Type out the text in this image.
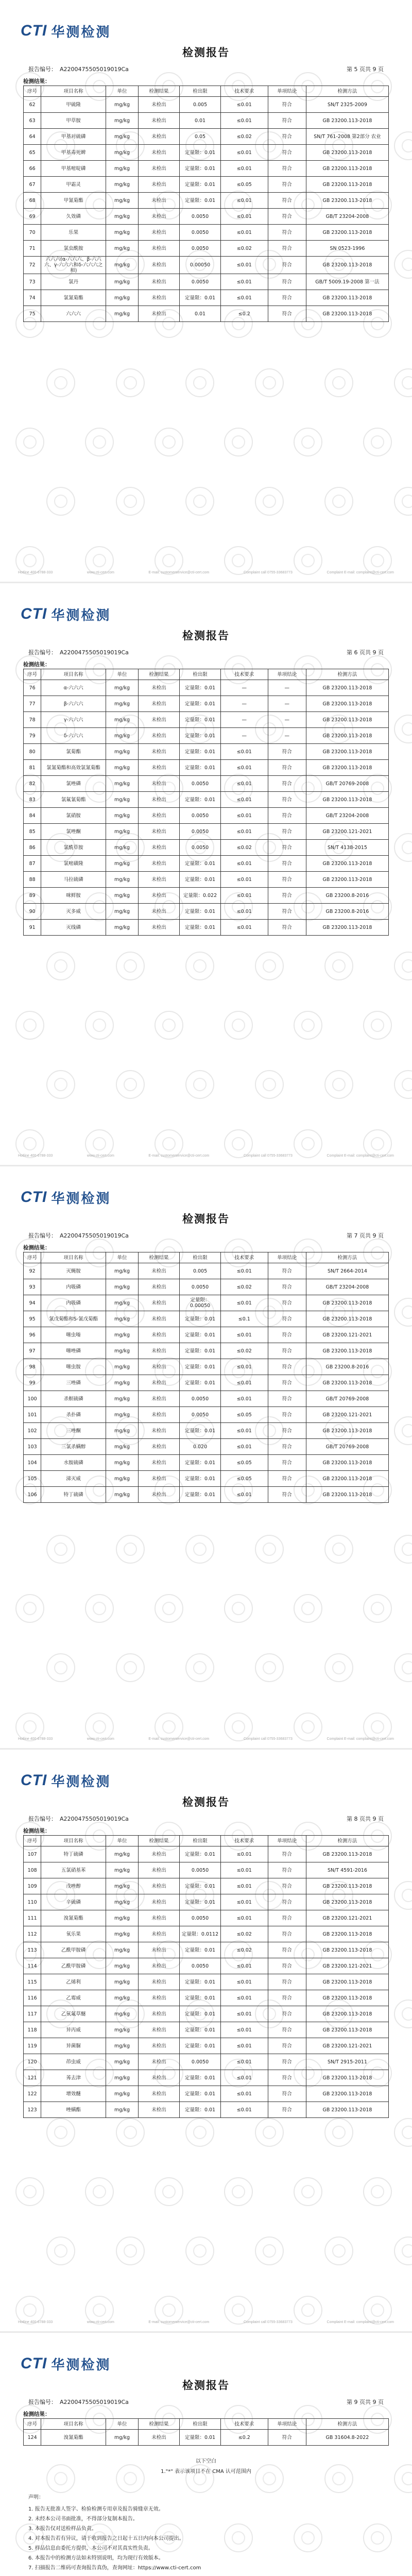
CTI 华测检测
检测报告
报告编号： A2200475505019019Ca	第 5 页共 9 页
检测结果：
序号	项目名称	单位	检测结果	检出限	技术要求	单项结论	检测方法
62	甲硫隆	mg/kg	未检出	0.005	≤0.01	符合	SN/T 2325-2009
63	甲草胺	mg/kg	未检出	0.01	≤0.01	符合	GB 23200.113-2018
64	甲基对硫磷	mg/kg	未检出	0.05	≤0.02	符合	SN/T 761-2008 第2部分 农业
65	甲基毒死蜱	mg/kg	未检出	定量限：0.01	≤0.01	符合	GB 23200.113-2018
66	甲基嘧啶磷	mg/kg	未检出	定量限：0.01	≤0.01	符合	GB 23200.113-2018
67	甲霜灵	mg/kg	未检出	定量限：0.01	≤0.05	符合	GB 23200.113-2018
68	甲氰菊酯	mg/kg	未检出	定量限：0.01	≤0.01	符合	GB 23200.113-2018
69	久效磷	mg/kg	未检出	0.0050	≤0.01	符合	GB/T 23204-2008
70	乐果	mg/kg	未检出	0.0050	≤0.01	符合	GB 23200.113-2018
71	氯虫酰胺	mg/kg	未检出	0.0050	≤0.02	符合	SN 0523-1996
72	六六六(α-六六六、β-六六六、γ-六六六和δ-六六六之和)	mg/kg	未检出	0.00050	≤0.01	符合	GB 23200.113-2018
73	氯丹	mg/kg	未检出	0.0050	≤0.01	符合	GB/T 5009.19-2008 第一法
74	氯氰菊酯	mg/kg	未检出	定量限：0.01	≤0.01	符合	GB 23200.113-2018
75	六六六	mg/kg	未检出	0.01	≤0.2	符合	GB 23200.113-2018
Hotline 400-6788-333	www.cti-cert.com	E-mail: customerservice@cti-cert.com	Complaint call 0755-33683773	Complaint E-mail: complaint@cti-cert.com
CTI 华测检测
检测报告
报告编号： A2200475505019019Ca	第 6 页共 9 页
检测结果：
序号	项目名称	单位	检测结果	检出限	技术要求	单项结论	检测方法
76	α-六六六	mg/kg	未检出	定量限：0.01	—	—	GB 23200.113-2018
77	β-六六六	mg/kg	未检出	定量限：0.01	—	—	GB 23200.113-2018
78	γ-六六六	mg/kg	未检出	定量限：0.01	—	—	GB 23200.113-2018
79	δ-六六六	mg/kg	未检出	定量限：0.01	—	—	GB 23200.113-2018
80	氯菊酯	mg/kg	未检出	定量限：0.01	≤0.01	符合	GB 23200.113-2018
81	氯氰菊酯和高效氯氰菊酯	mg/kg	未检出	定量限：0.01	≤0.01	符合	GB 23200.113-2018
82	氯唑磷	mg/kg	未检出	0.0050	≤0.01	符合	GB/T 20769-2008
83	氯氟氰菊酯	mg/kg	未检出	定量限：0.01	≤0.01	符合	GB 23200.113-2018
84	氯硝胺	mg/kg	未检出	0.0050	≤0.01	符合	GB/T 23204-2008
85	氯唑酮	mg/kg	未检出	0.0050	≤0.01	符合	GB 23200.121-2021
86	氯酰草胺	mg/kg	未检出	0.0050	≤0.02	符合	SN/T 4138-2015
87	氯嘧磺隆	mg/kg	未检出	定量限：0.01	≤0.01	符合	GB 23200.113-2018
88	马拉硫磷	mg/kg	未检出	定量限：0.01	≤0.01	符合	GB 23200.113-2018
89	咪鲜胺	mg/kg	未检出	定量限：0.022	≤0.01	符合	GB 23200.8-2016
90	灭多威	mg/kg	未检出	定量限：0.01	≤0.01	符合	GB 23200.8-2016
91	灭线磷	mg/kg	未检出	定量限：0.01	≤0.01	符合	GB 23200.113-2018
Hotline 400-6788-333	www.cti-cert.com	E-mail: customerservice@cti-cert.com	Complaint call 0755-33683773	Complaint E-mail: complaint@cti-cert.com
CTI 华测检测
检测报告
报告编号： A2200475505019019Ca	第 7 页共 9 页
检测结果：
序号	项目名称	单位	检测结果	检出限	技术要求	单项结论	检测方法
92	灭蝇胺	mg/kg	未检出	0.005	≤0.01	符合	SN/T 2664-2014
93	内吸磷	mg/kg	未检出	0.0050	≤0.02	符合	GB/T 23204-2008
94	内吸磷	mg/kg	未检出	定量限：0.00050	≤0.01	符合	GB 23200.113-2018
95	氰戊菊酯和S-氰戊菊酯	mg/kg	未检出	定量限：0.01	≤0.1	符合	GB 23200.113-2018
96	噻虫嗪	mg/kg	未检出	定量限：0.01	≤0.01	符合	GB 23200.121-2021
97	噻唑磷	mg/kg	未检出	定量限：0.01	≤0.02	符合	GB 23200.113-2018
98	噻虫胺	mg/kg	未检出	定量限：0.01	≤0.01	符合	GB 23200.8-2016
99	三唑磷	mg/kg	未检出	定量限：0.01	≤0.01	符合	GB 23200.113-2018
100	杀螟硫磷	mg/kg	未检出	0.0050	≤0.01	符合	GB/T 20769-2008
101	杀扑磷	mg/kg	未检出	0.0050	≤0.05	符合	GB 23200.121-2021
102	三唑酮	mg/kg	未检出	定量限：0.01	≤0.01	符合	GB 23200.113-2018
103	三氯杀螨醇	mg/kg	未检出	0.020	≤0.01	符合	GB/T 20769-2008
104	水胺硫磷	mg/kg	未检出	定量限：0.01	≤0.05	符合	GB 23200.113-2018
105	涕灭威	mg/kg	未检出	定量限：0.01	≤0.05	符合	GB 23200.113-2018
106	特丁硫磷	mg/kg	未检出	定量限：0.01	≤0.01	符合	GB 23200.113-2018
Hotline 400-6788-333	www.cti-cert.com	E-mail: customerservice@cti-cert.com	Complaint call 0755-33683773	Complaint E-mail: complaint@cti-cert.com
CTI 华测检测
检测报告
报告编号： A2200475505019019Ca	第 8 页共 9 页
检测结果：
序号	项目名称	单位	检测结果	检出限	技术要求	单项结论	检测方法
107	特丁硫磷	mg/kg	未检出	定量限：0.01	≤0.01	符合	GB 23200.113-2018
108	五氯硝基苯	mg/kg	未检出	0.0050	≤0.01	符合	SN/T 4591-2016
109	戊唑醇	mg/kg	未检出	定量限：0.01	≤0.01	符合	GB 23200.113-2018
110	辛硫磷	mg/kg	未检出	定量限：0.01	≤0.01	符合	GB 23200.113-2018
111	溴氰菊酯	mg/kg	未检出	0.0050	≤0.01	符合	GB 23200.121-2021
112	氧乐果	mg/kg	未检出	定量限：0.0112	≤0.02	符合	GB 23200.113-2018
113	乙酰甲胺磷	mg/kg	未检出	定量限：0.01	≤0.02	符合	GB 23200.113-2018
114	乙酰甲胺磷	mg/kg	未检出	0.0050	≤0.01	符合	GB 23200.121-2021
115	乙烯利	mg/kg	未检出	定量限：0.01	≤0.01	符合	GB 23200.113-2018
116	乙霉威	mg/kg	未检出	定量限：0.01	≤0.01	符合	GB 23200.113-2018
117	乙氧氟草醚	mg/kg	未检出	定量限：0.01	≤0.01	符合	GB 23200.113-2018
118	异丙威	mg/kg	未检出	定量限：0.01	≤0.01	符合	GB 23200.113-2018
119	异菌脲	mg/kg	未检出	定量限：0.01	≤0.01	符合	GB 23200.121-2021
120	茚虫威	mg/kg	未检出	0.0050	≤0.01	符合	SN/T 2915-2011
121	莠去津	mg/kg	未检出	定量限：0.01	≤0.01	符合	GB 23200.113-2018
122	增效醚	mg/kg	未检出	定量限：0.01	≤0.01	符合	GB 23200.113-2018
123	唑螨酯	mg/kg	未检出	定量限：0.01	≤0.01	符合	GB 23200.113-2018
Hotline 400-6788-333	www.cti-cert.com	E-mail: customerservice@cti-cert.com	Complaint call 0755-33683773	Complaint E-mail: complaint@cti-cert.com
CTI 华测检测
检测报告
报告编号： A2200475505019019Ca	第 9 页共 9 页
检测结果：
序号	项目名称	单位	检测结果	检出限	技术要求	单项结论	检测方法
124	溴氰菊酯	mg/kg	未检出	定量限：0.01	≤0.2	符合	GB 31604.8-2022
以下空白
1."*" 表示该项目不在 CMA 认可范围内
声明：
1. 报告无批准人签字、检验检测专用章及报告骑缝章无效。
2. 未经本公司书面批准，不得部分复制本报告。
3. 本报告仅对送检样品负责。
4. 对本报告若有异议，请于收到报告之日起十五日内向本公司提出。
5. 样品信息由委托方提供，本公司不对其真实性负责。
6. 本报告中的检测方法如未特别说明，均为现行有效版本。
7. 扫描报告二维码可查询报告真伪，查询网址：https://www.cti-cert.com
